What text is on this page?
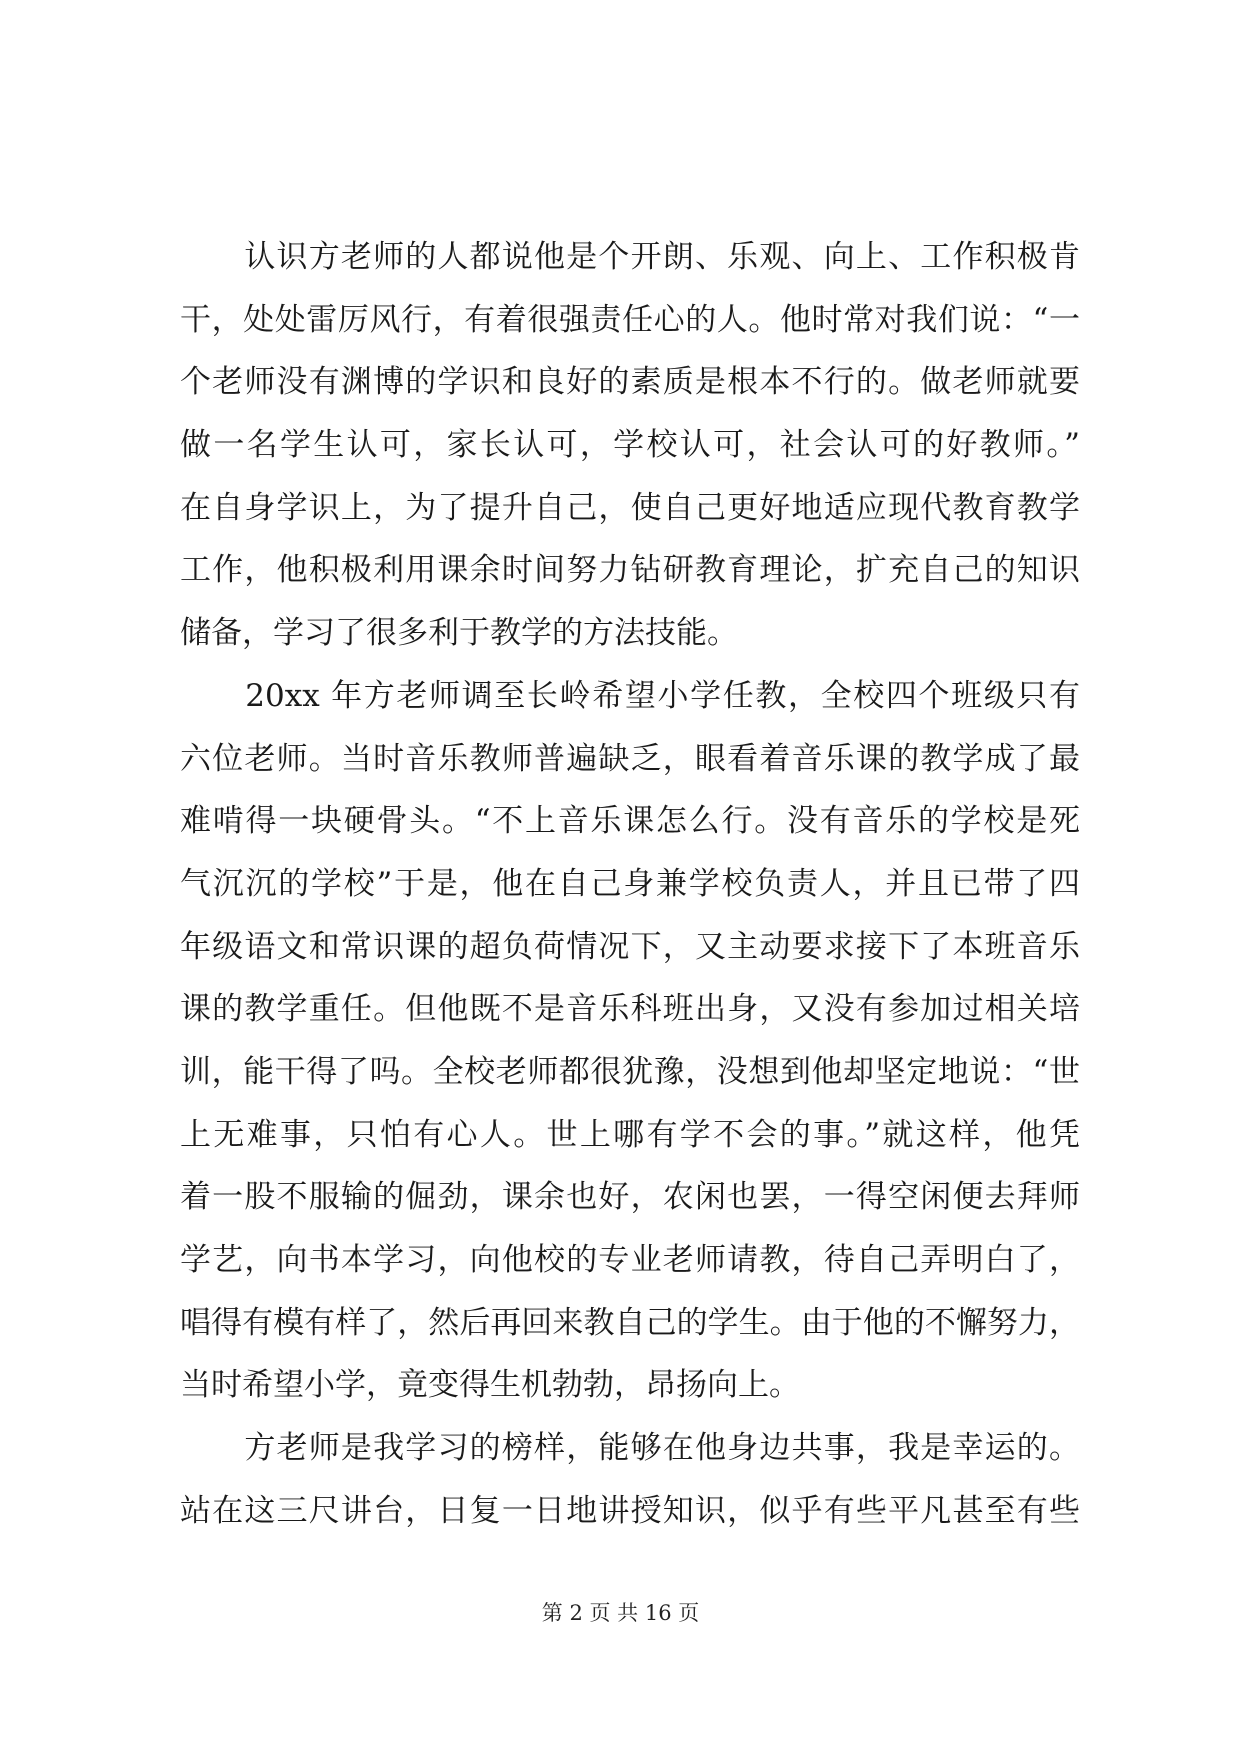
　　认识方老师的人都说他是个开朗、乐观、向上、工作积极肯
干，处处雷厉风行，有着很强责任心的人。他时常对我们说：“一
个老师没有渊博的学识和良好的素质是根本不行的。做老师就要
做一名学生认可，家长认可，学校认可，社会认可的好教师。”
在自身学识上，为了提升自己，使自己更好地适应现代教育教学
工作，他积极利用课余时间努力钻研教育理论，扩充自己的知识
储备，学习了很多利于教学的方法技能。
　　20xx 年方老师调至长岭希望小学任教，全校四个班级只有
六位老师。当时音乐教师普遍缺乏，眼看着音乐课的教学成了最
难啃得一块硬骨头。“不上音乐课怎么行。没有音乐的学校是死
气沉沉的学校”于是，他在自己身兼学校负责人，并且已带了四
年级语文和常识课的超负荷情况下，又主动要求接下了本班音乐
课的教学重任。但他既不是音乐科班出身，又没有参加过相关培
训，能干得了吗。全校老师都很犹豫，没想到他却坚定地说：“世
上无难事，只怕有心人。世上哪有学不会的事。”就这样，他凭
着一股不服输的倔劲，课余也好，农闲也罢，一得空闲便去拜师
学艺，向书本学习，向他校的专业老师请教，待自己弄明白了，
唱得有模有样了，然后再回来教自己的学生。由于他的不懈努力，
当时希望小学，竟变得生机勃勃，昂扬向上。
　　方老师是我学习的榜样，能够在他身边共事，我是幸运的。
站在这三尺讲台，日复一日地讲授知识，似乎有些平凡甚至有些
第 2 页 共 16 页
